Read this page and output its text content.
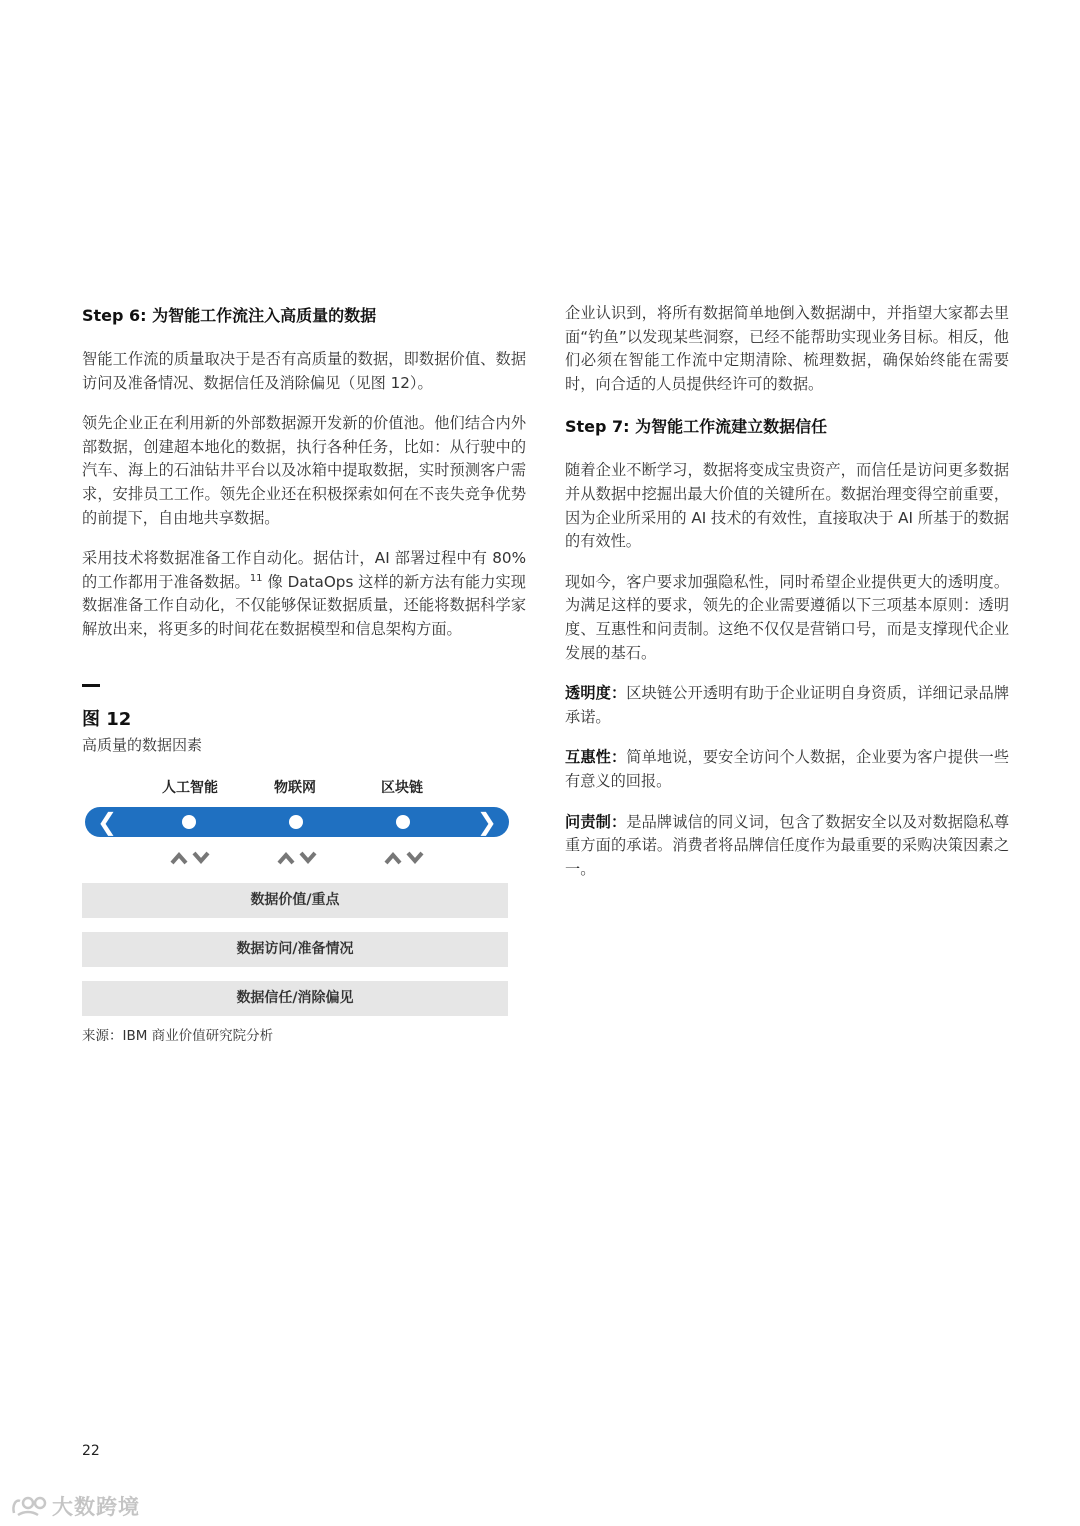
Step 6: 为智能工作流注入高质量的数据

智能工作流的质量取决于是否有高质量的数据，即数据价值、数据访问及准备情况、数据信任及消除偏见（见图 12）。

领先企业正在利用新的外部数据源开发新的价值池。他们结合内外部数据，创建超本地化的数据，执行各种任务，比如：从行驶中的汽车、海上的石油钻井平台以及冰箱中提取数据，实时预测客户需求，安排员工工作。领先企业还在积极探索如何在不丧失竞争优势的前提下，自由地共享数据。

采用技术将数据准备工作自动化。据估计，AI 部署过程中有 80% 的工作都用于准备数据。$^{11}$ 像 DataOps 这样的新方法有能力实现数据准备工作自动化，不仅能够保证数据质量，还能将数据科学家解放出来，将更多的时间花在数据模型和信息架构方面。

图 12
高质量的数据因素
人工智能	物联网	区块链
❮	❯
数据价值/重点
数据访问/准备情况
数据信任/消除偏见
来源：IBM 商业价值研究院分析

企业认识到，将所有数据简单地倒入数据湖中，并指望大家都去里面“钓鱼”以发现某些洞察，已经不能帮助实现业务目标。相反，他们必须在智能工作流中定期清除、梳理数据，确保始终能在需要时，向合适的人员提供经许可的数据。

Step 7: 为智能工作流建立数据信任

随着企业不断学习，数据将变成宝贵资产，而信任是访问更多数据并从数据中挖掘出最大价值的关键所在。数据治理变得空前重要，因为企业所采用的 AI 技术的有效性，直接取决于 AI 所基于的数据的有效性。

现如今，客户要求加强隐私性，同时希望企业提供更大的透明度。为满足这样的要求，领先的企业需要遵循以下三项基本原则：透明度、互惠性和问责制。这绝不仅仅是营销口号，而是支撑现代企业发展的基石。

透明度：区块链公开透明有助于企业证明自身资质，详细记录品牌承诺。

互惠性：简单地说，要安全访问个人数据，企业要为客户提供一些有意义的回报。

问责制：是品牌诚信的同义词，包含了数据安全以及对数据隐私尊重方面的承诺。消费者将品牌信任度作为最重要的采购决策因素之一。

22
大数跨境
